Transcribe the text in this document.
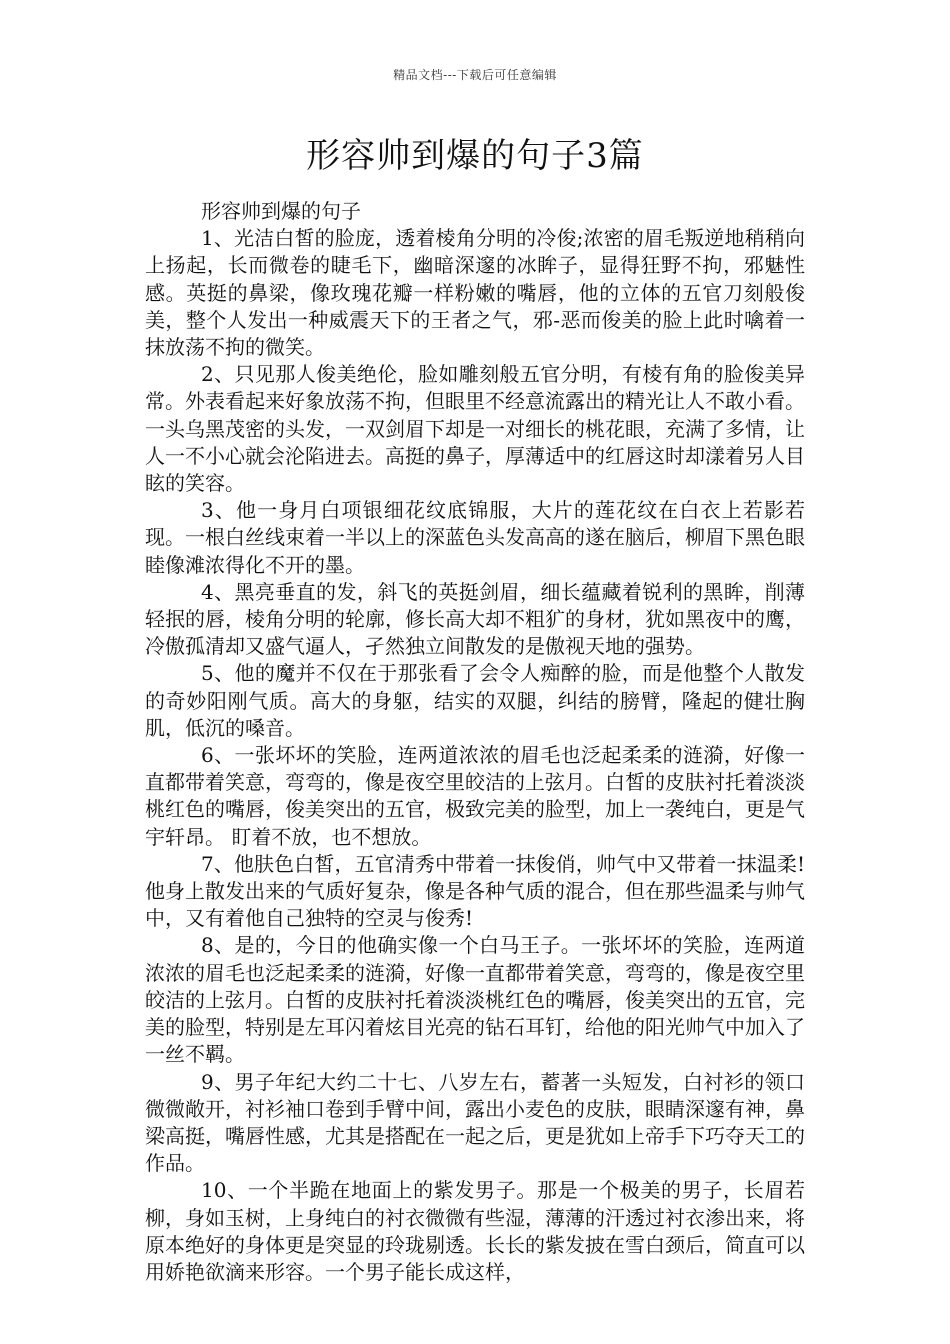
精品文档---下载后可任意编辑
形容帅到爆的句子3篇

形容帅到爆的句子

1、光洁白皙的脸庞，透着棱角分明的冷俊;浓密的眉毛叛逆地稍稍向上扬起，长而微卷的睫毛下，幽暗深邃的冰眸子，显得狂野不拘，邪魅性感。英挺的鼻梁，像玫瑰花瓣一样粉嫩的嘴唇，他的立体的五官刀刻般俊美，整个人发出一种威震天下的王者之气，邪-恶而俊美的脸上此时噙着一抹放荡不拘的微笑。

2、只见那人俊美绝伦，脸如雕刻般五官分明，有棱有角的脸俊美异常。外表看起来好象放荡不拘，但眼里不经意流露出的精光让人不敢小看。一头乌黑茂密的头发，一双剑眉下却是一对细长的桃花眼，充满了多情，让人一不小心就会沦陷进去。高挺的鼻子，厚薄适中的红唇这时却漾着另人目眩的笑容。

3、他一身月白项银细花纹底锦服，大片的莲花纹在白衣上若影若现。一根白丝线束着一半以上的深蓝色头发高高的遂在脑后，柳眉下黑色眼睦像滩浓得化不开的墨。

4、黑亮垂直的发，斜飞的英挺剑眉，细长蕴藏着锐利的黑眸，削薄轻抿的唇，棱角分明的轮廓，修长高大却不粗犷的身材，犹如黑夜中的鹰，冷傲孤清却又盛气逼人，孑然独立间散发的是傲视天地的强势。

5、他的魔并不仅在于那张看了会令人痴醉的脸，而是他整个人散发的奇妙阳刚气质。高大的身躯，结实的双腿，纠结的膀臂，隆起的健壮胸肌，低沉的嗓音。

6、一张坏坏的笑脸，连两道浓浓的眉毛也泛起柔柔的涟漪，好像一直都带着笑意，弯弯的，像是夜空里皎洁的上弦月。白皙的皮肤衬托着淡淡桃红色的嘴唇，俊美突出的五官，极致完美的脸型，加上一袭纯白，更是气宇轩昂。 盯着不放，也不想放。

7、他肤色白皙，五官清秀中带着一抹俊俏，帅气中又带着一抹温柔!他身上散发出来的气质好复杂，像是各种气质的混合，但在那些温柔与帅气中，又有着他自己独特的空灵与俊秀!

8、是的，今日的他确实像一个白马王子。一张坏坏的笑脸，连两道浓浓的眉毛也泛起柔柔的涟漪，好像一直都带着笑意，弯弯的，像是夜空里皎洁的上弦月。白皙的皮肤衬托着淡淡桃红色的嘴唇，俊美突出的五官，完美的脸型，特别是左耳闪着炫目光亮的钻石耳钉，给他的阳光帅气中加入了一丝不羁。

9、男子年纪大约二十七、八岁左右，蓄著一头短发，白衬衫的领口微微敞开，衬衫袖口卷到手臂中间，露出小麦色的皮肤，眼睛深邃有神，鼻梁高挺，嘴唇性感，尤其是搭配在一起之后，更是犹如上帝手下巧夺天工的作品。

10、一个半跪在地面上的紫发男子。那是一个极美的男子，长眉若柳，身如玉树，上身纯白的衬衣微微有些湿，薄薄的汗透过衬衣渗出来，将原本绝好的身体更是突显的玲珑剔透。长长的紫发披在雪白颈后，简直可以用娇艳欲滴来形容。一个男子能长成这样，
